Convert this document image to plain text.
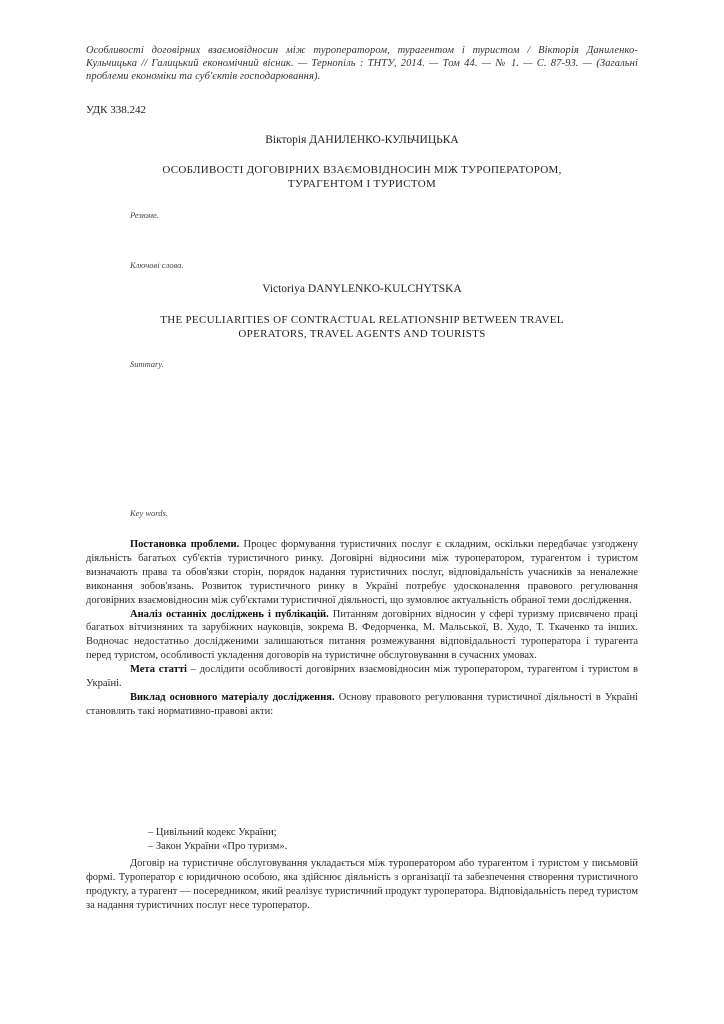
Особливості договірних взаємовідносин між туроператором, турагентом і туристом / Вікторія Даниленко-Кульчицька // Галицький економічний вісник. — Тернопіль : ТНТУ, 2014. — Том 44. — № 1. — С. 87-93. — (Загальні проблеми економіки та суб'єктів господарювання).
УДК 338.242
Вікторія ДАНИЛЕНКО-КУЛЬЧИЦЬКА
ОСОБЛИВОСТІ ДОГОВІРНИХ ВЗАЄМОВІДНОСИН МІЖ ТУРОПЕРАТОРОМ,
ТУРАГЕНТОМ І ТУРИСТОМ
Резюме.
Ключові слова.
Victoriya DANYLENKO-KULCHYTSKA
THE PECULIARITIES OF CONTRACTUAL RELATIONSHIP BETWEEN TRAVEL
OPERATORS, TRAVEL AGENTS AND TOURISTS
Summary.
Key words.

Постановка проблеми. Процес формування туристичних послуг є складним, оскільки передбачає узгоджену діяльність багатьох суб'єктів туристичного ринку. Договірні відносини між туроператором, турагентом і туристом визначають права та обов'язки сторін, порядок надання туристичних послуг, відповідальність учасників за неналежне виконання зобов'язань. Розвиток туристичного ринку в Україні потребує удосконалення правового регулювання договірних взаємовідносин між суб'єктами туристичної діяльності, що зумовлює актуальність обраної теми дослідження.

Аналіз останніх досліджень і публікацій. Питанням договірних відносин у сфері туризму присвячено праці багатьох вітчизняних та зарубіжних науковців, зокрема В. Федорченка, М. Мальської, В. Худо, Т. Ткаченко та інших. Водночас недостатньо дослідженими залишаються питання розмежування відповідальності туроператора і турагента перед туристом, особливості укладення договорів на туристичне обслуговування в сучасних умовах.

Мета статті – дослідити особливості договірних взаємовідносин між туроператором, турагентом і туристом в Україні.

Виклад основного матеріалу дослідження. Основу правового регулювання туристичної діяльності в Україні становлять такі нормативно-правові акти:

– Цивільний кодекс України;
– Закон України «Про туризм».

Договір на туристичне обслуговування укладається між туроператором або турагентом і туристом у письмовій формі. Туроператор є юридичною особою, яка здійснює діяльність з організації та забезпечення створення туристичного продукту, а турагент — посередником, який реалізує туристичний продукт туроператора. Відповідальність перед туристом за надання туристичних послуг несе туроператор.
